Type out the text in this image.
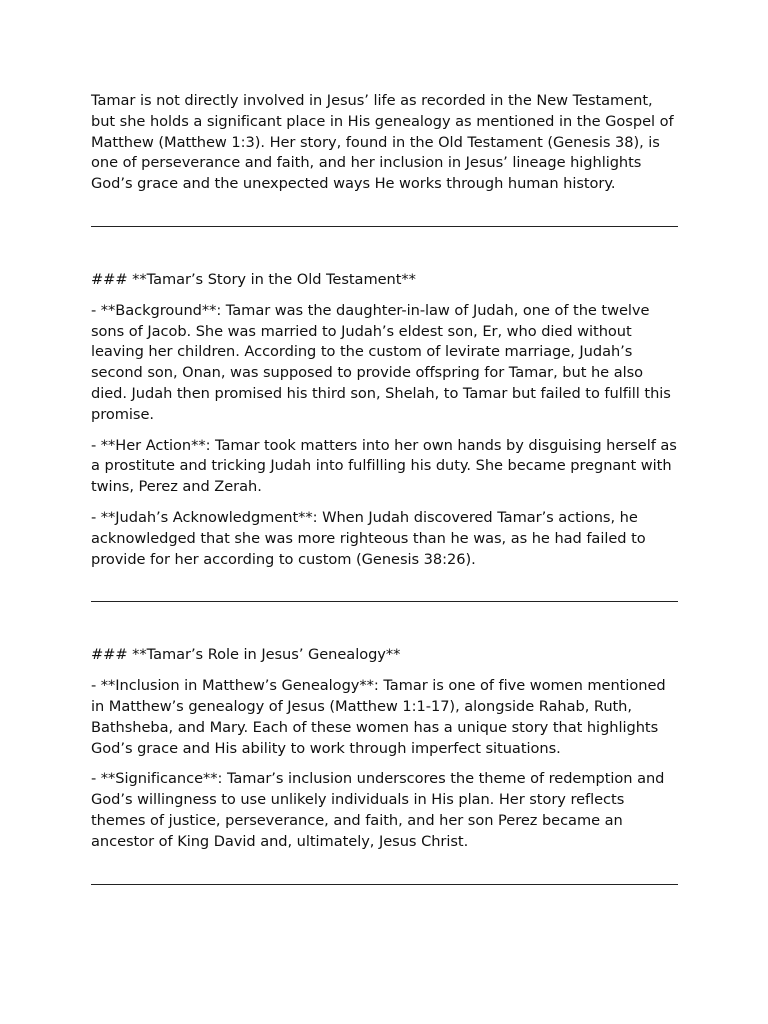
Tamar is not directly involved in Jesus’ life as recorded in the New Testament, but she holds a significant place in His genealogy as mentioned in the Gospel of Matthew (Matthew 1:3). Her story, found in the Old Testament (Genesis 38), is one of perseverance and faith, and her inclusion in Jesus’ lineage highlights God’s grace and the unexpected ways He works through human history.

### **Tamar’s Story in the Old Testament**

- **Background**: Tamar was the daughter-in-law of Judah, one of the twelve sons of Jacob. She was married to Judah’s eldest son, Er, who died without leaving her children. According to the custom of levirate marriage, Judah’s second son, Onan, was supposed to provide offspring for Tamar, but he also died. Judah then promised his third son, Shelah, to Tamar but failed to fulfill this promise.

- **Her Action**: Tamar took matters into her own hands by disguising herself as a prostitute and tricking Judah into fulfilling his duty. She became pregnant with twins, Perez and Zerah.

- **Judah’s Acknowledgment**: When Judah discovered Tamar’s actions, he acknowledged that she was more righteous than he was, as he had failed to provide for her according to custom (Genesis 38:26).

### **Tamar’s Role in Jesus’ Genealogy**

- **Inclusion in Matthew’s Genealogy**: Tamar is one of five women mentioned in Matthew’s genealogy of Jesus (Matthew 1:1-17), alongside Rahab, Ruth, Bathsheba, and Mary. Each of these women has a unique story that highlights God’s grace and His ability to work through imperfect situations.

- **Significance**: Tamar’s inclusion underscores the theme of redemption and God’s willingness to use unlikely individuals in His plan. Her story reflects themes of justice, perseverance, and faith, and her son Perez became an ancestor of King David and, ultimately, Jesus Christ.
